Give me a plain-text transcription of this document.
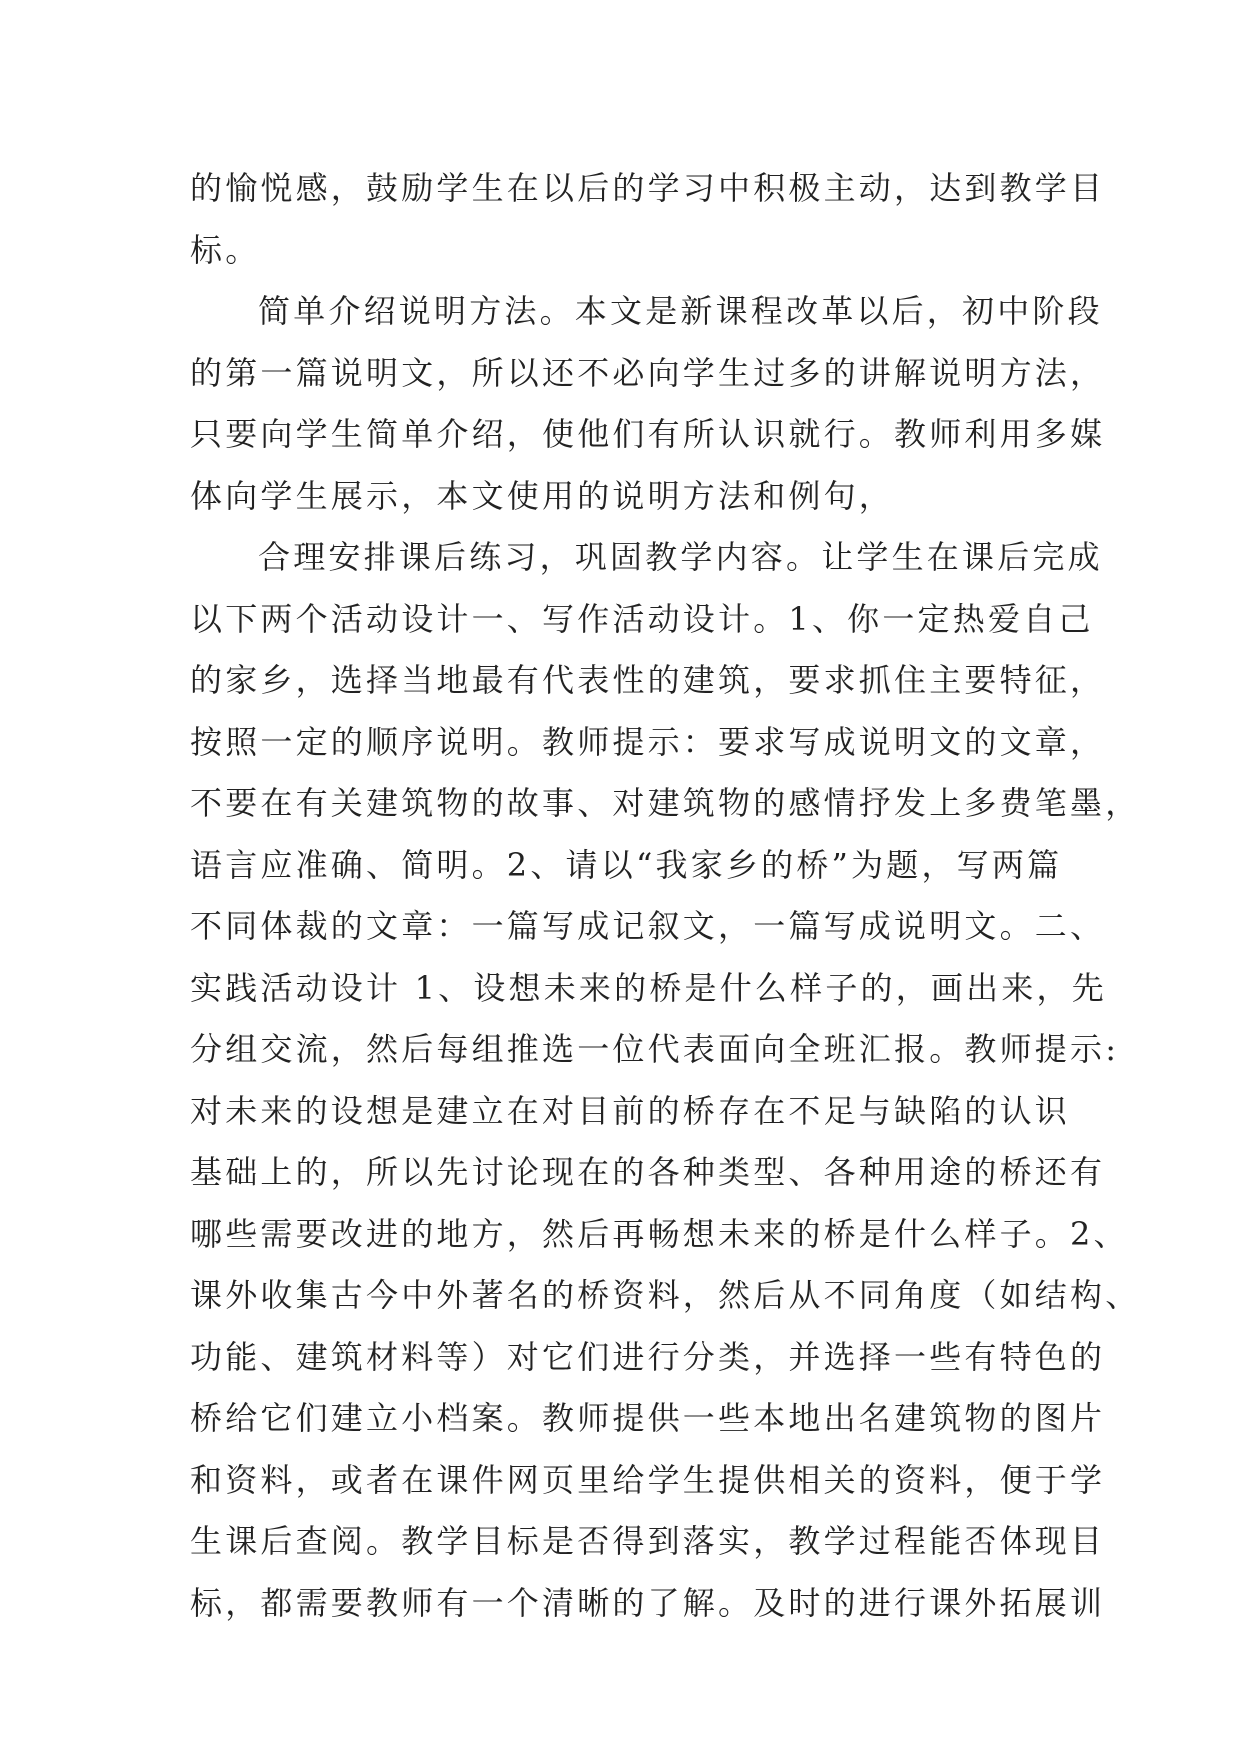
的愉悦感，鼓励学生在以后的学习中积极主动，达到教学目
标。
简单介绍说明方法。本文是新课程改革以后，初中阶段
的第一篇说明文，所以还不必向学生过多的讲解说明方法，
只要向学生简单介绍，使他们有所认识就行。教师利用多媒
体向学生展示，本文使用的说明方法和例句，
合理安排课后练习，巩固教学内容。让学生在课后完成
以下两个活动设计一、写作活动设计。1、你一定热爱自己
的家乡，选择当地最有代表性的建筑，要求抓住主要特征，
按照一定的顺序说明。教师提示：要求写成说明文的文章，
不要在有关建筑物的故事、对建筑物的感情抒发上多费笔墨，
语言应准确、简明。2、请以“我家乡的桥”为题，写两篇
不同体裁的文章：一篇写成记叙文，一篇写成说明文。二、
实践活动设计 1、设想未来的桥是什么样子的，画出来，先
分组交流，然后每组推选一位代表面向全班汇报。教师提示:
对未来的设想是建立在对目前的桥存在不足与缺陷的认识
基础上的，所以先讨论现在的各种类型、各种用途的桥还有
哪些需要改进的地方，然后再畅想未来的桥是什么样子。2、
课外收集古今中外著名的桥资料，然后从不同角度（如结构、
功能、建筑材料等）对它们进行分类，并选择一些有特色的
桥给它们建立小档案。教师提供一些本地出名建筑物的图片
和资料，或者在课件网页里给学生提供相关的资料，便于学
生课后查阅。教学目标是否得到落实，教学过程能否体现目
标，都需要教师有一个清晰的了解。及时的进行课外拓展训
